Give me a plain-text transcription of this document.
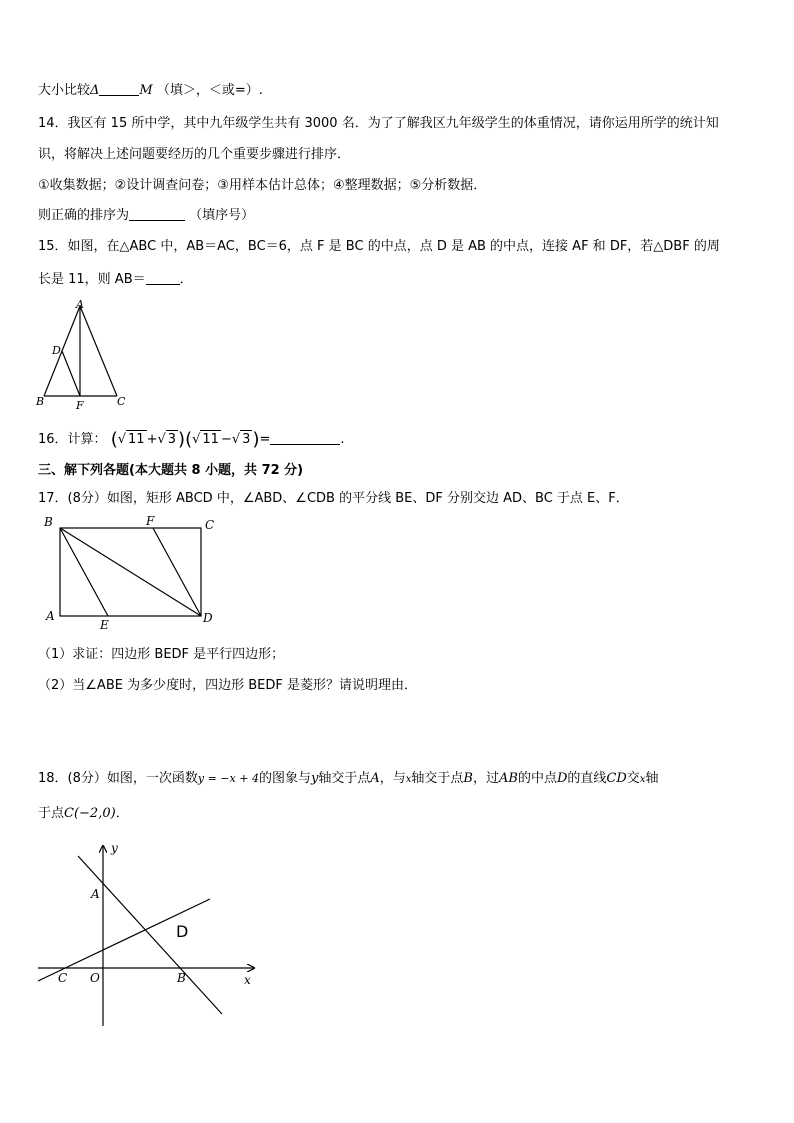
大小比较Δ	M （填＞，＜或=）.
14．我区有 15 所中学，其中九年级学生共有 3000 名．为了了解我区九年级学生的体重情况，请你运用所学的统计知
识，将解决上述问题要经历的几个重要步骤进行排序．
①收集数据；②设计调查问卷；③用样本估计总体；④整理数据；⑤分析数据．
则正确的排序为	（填序号）
15．如图，在△ABC 中，AB＝AC，BC＝6，点 F 是 BC 的中点，点 D 是 AB 的中点，连接 AF 和 DF，若△DBF 的周
长是 11，则 AB＝	．
A
D
B	F	C
16．计算： (√ 11 +√ 3 )(√ 11 −√ 3 )=	.
三、解下列各题(本大题共 8 小题，共 72 分)
17．(8分）如图，矩形 ABCD 中，∠ABD、∠CDB 的平分线 BE、DF 分别交边 AD、BC 于点 E、F．
B	F	C
A
E	D
（1）求证：四边形 BEDF 是平行四边形；
（2）当∠ABE 为多少度时，四边形 BEDF 是菱形？请说明理由．
18．(8分）如图，一次函数y = −x + 4的图象与y轴交于点A，与x轴交于点B，过AB的中点D的直线CD交x轴
于点C(−2,0)．
y
A
D
C O	B	x
